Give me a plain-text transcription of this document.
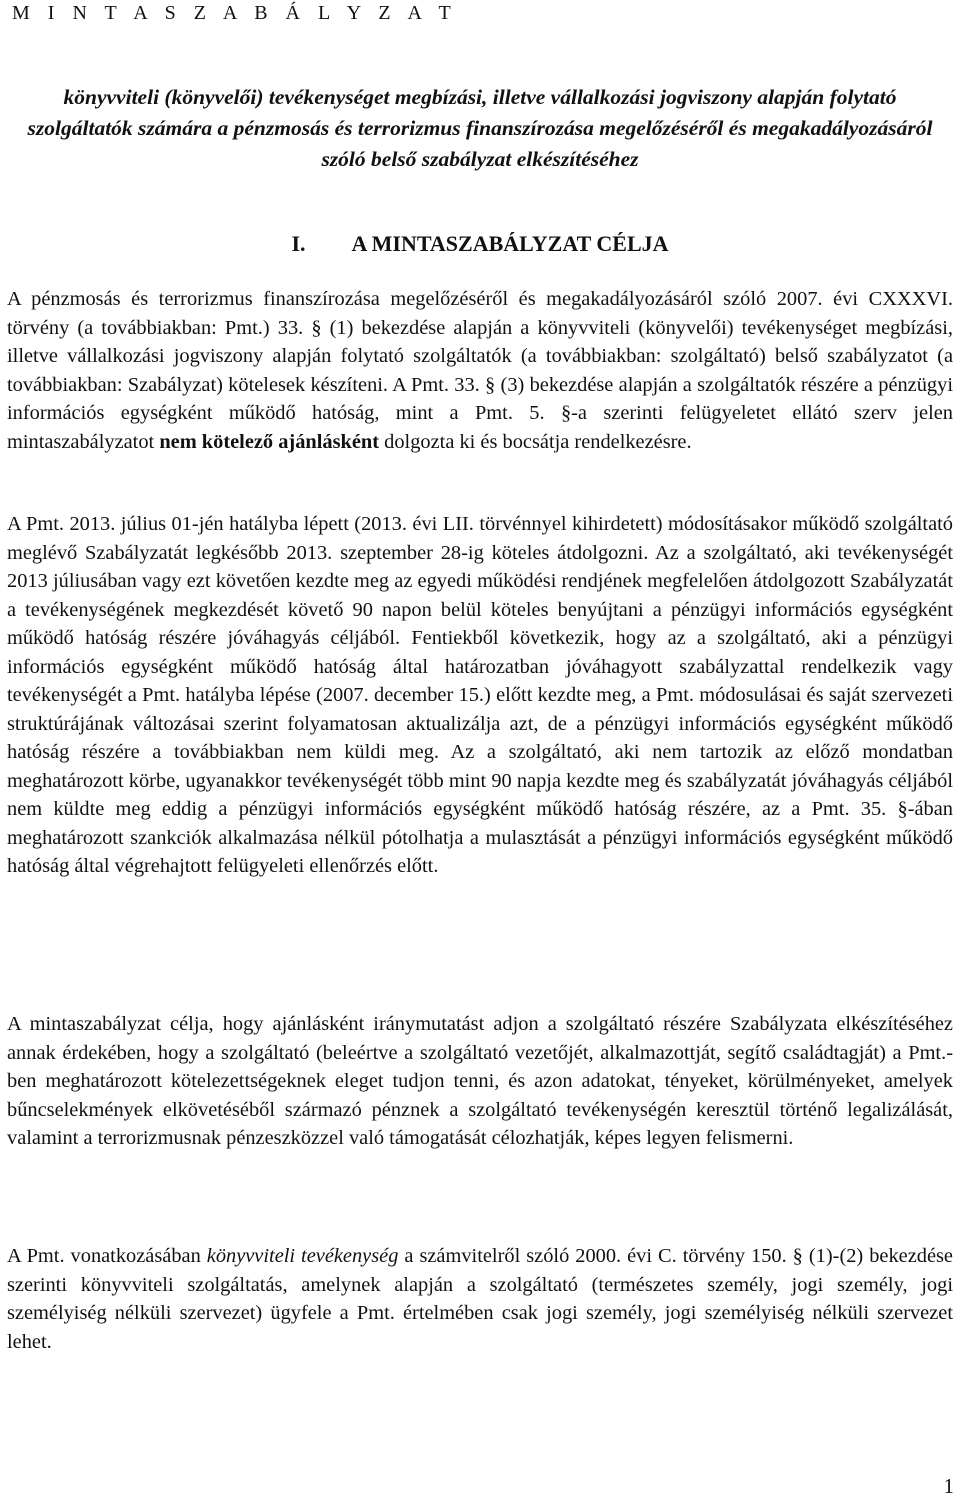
M I N T A S Z A B Á L Y Z A T
könyvviteli (könyvelői) tevékenységet megbízási, illetve vállalkozási jogviszony alapján folytató szolgáltatók számára a pénzmosás és terrorizmus finanszírozása megelőzéséről és megakadályozásáról szóló belső szabályzat elkészítéséhez
I. A MINTASZABÁLYZAT CÉLJA

A pénzmosás és terrorizmus finanszírozása megelőzéséről és megakadályozásáról szóló 2007. évi CXXXVI. törvény (a továbbiakban: Pmt.) 33. § (1) bekezdése alapján a könyvviteli (könyvelői) tevékenységet megbízási, illetve vállalkozási jogviszony alapján folytató szolgáltatók (a továbbiakban: szolgáltató) belső szabályzatot (a továbbiakban: Szabályzat) kötelesek készíteni. A Pmt. 33. § (3) bekezdése alapján a szolgáltatók részére a pénzügyi információs egységként működő hatóság, mint a Pmt. 5. §-a szerinti felügyeletet ellátó szerv jelen mintaszabályzatot nem kötelező ajánlásként dolgozta ki és bocsátja rendelkezésre.

A Pmt. 2013. július 01-jén hatályba lépett (2013. évi LII. törvénnyel kihirdetett) módosításakor működő szolgáltató meglévő Szabályzatát legkésőbb 2013. szeptember 28-ig köteles átdolgozni. Az a szolgáltató, aki tevékenységét 2013 júliusában vagy ezt követően kezdte meg az egyedi működési rendjének megfelelően átdolgozott Szabályzatát a tevékenységének megkezdését követő 90 napon belül köteles benyújtani a pénzügyi információs egységként működő hatóság részére jóváhagyás céljából. Fentiekből következik, hogy az a szolgáltató, aki a pénzügyi információs egységként működő hatóság által határozatban jóváhagyott szabályzattal rendelkezik vagy tevékenységét a Pmt. hatályba lépése (2007. december 15.) előtt kezdte meg, a Pmt. módosulásai és saját szervezeti struktúrájának változásai szerint folyamatosan aktualizálja azt, de a pénzügyi információs egységként működő hatóság részére a továbbiakban nem küldi meg. Az a szolgáltató, aki nem tartozik az előző mondatban meghatározott körbe, ugyanakkor tevékenységét több mint 90 napja kezdte meg és szabályzatát jóváhagyás céljából nem küldte meg eddig a pénzügyi információs egységként működő hatóság részére, az a Pmt. 35. §-ában meghatározott szankciók alkalmazása nélkül pótolhatja a mulasztását a pénzügyi információs egységként működő hatóság által végrehajtott felügyeleti ellenőrzés előtt.

A mintaszabályzat célja, hogy ajánlásként iránymutatást adjon a szolgáltató részére Szabályzata elkészítéséhez annak érdekében, hogy a szolgáltató (beleértve a szolgáltató vezetőjét, alkalmazottját, segítő családtagját) a Pmt.-ben meghatározott kötelezettségeknek eleget tudjon tenni, és azon adatokat, tényeket, körülményeket, amelyek bűncselekmények elkövetéséből származó pénznek a szolgáltató tevékenységén keresztül történő legalizálását, valamint a terrorizmusnak pénzeszközzel való támogatását célozhatják, képes legyen felismerni.

A Pmt. vonatkozásában könyvviteli tevékenység a számvitelről szóló 2000. évi C. törvény 150. § (1)-(2) bekezdése szerinti könyvviteli szolgáltatás, amelynek alapján a szolgáltató (természetes személy, jogi személy, jogi személyiség nélküli szervezet) ügyfele a Pmt. értelmében csak jogi személy, jogi személyiség nélküli szervezet lehet.

1
